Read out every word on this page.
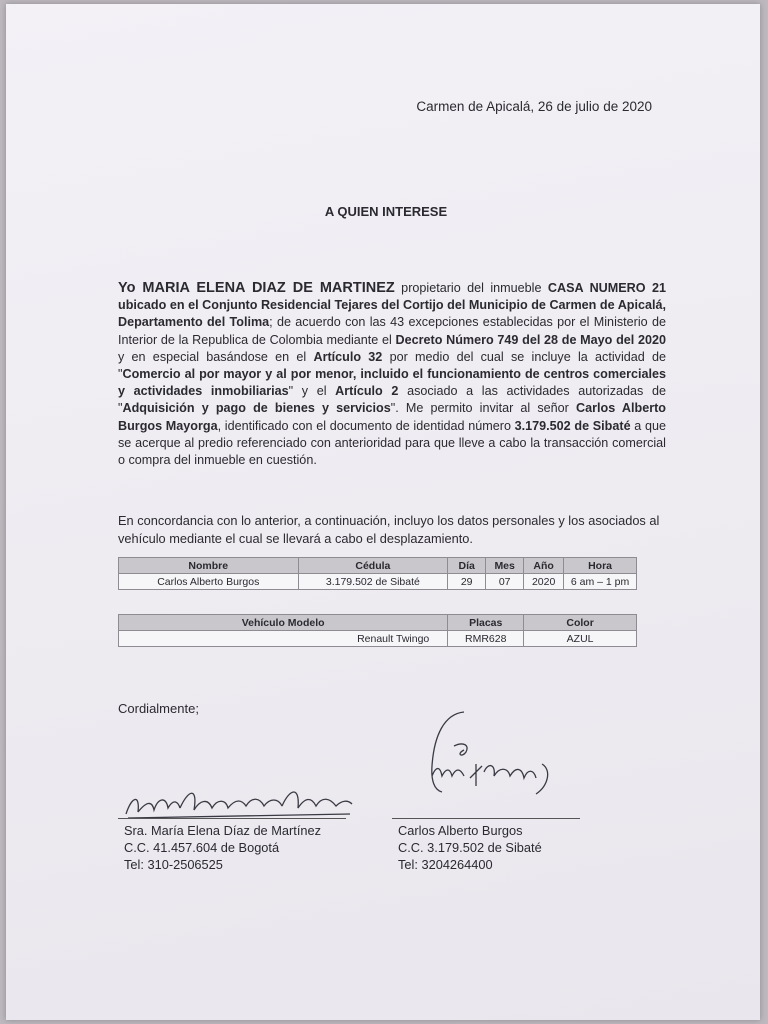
Carmen de Apicalá, 26 de julio de 2020
A QUIEN INTERESE
Yo MARIA ELENA DIAZ DE MARTINEZ propietario del inmueble CASA NUMERO 21 ubicado en el Conjunto Residencial Tejares del Cortijo del Municipio de Carmen de Apicalá, Departamento del Tolima; de acuerdo con las 43 excepciones establecidas por el Ministerio de Interior de la Republica de Colombia mediante el Decreto Número 749 del 28 de Mayo del 2020 y en especial basándose en el Artículo 32 por medio del cual se incluye la actividad de "Comercio al por mayor y al por menor, incluido el funcionamiento de centros comerciales y actividades inmobiliarias" y el Artículo 2 asociado a las actividades autorizadas de "Adquisición y pago de bienes y servicios". Me permito invitar al señor Carlos Alberto Burgos Mayorga, identificado con el documento de identidad número 3.179.502 de Sibaté a que se acerque al predio referenciado con anterioridad para que lleve a cabo la transacción comercial o compra del inmueble en cuestión.
En concordancia con lo anterior, a continuación, incluyo los datos personales y los asociados al vehículo mediante el cual se llevará a cabo el desplazamiento.
Nombre	Cédula	Día	Mes	Año	Hora
Carlos Alberto Burgos	3.179.502 de Sibaté	29	07	2020	6 am – 1 pm
Vehículo Modelo	Placas	Color
Renault Twingo	RMR628	AZUL
Cordialmente;
Sra. María Elena Díaz de Martínez
C.C. 41.457.604 de Bogotá
Tel: 310-2506525
Carlos Alberto Burgos
C.C. 3.179.502 de Sibaté
Tel: 3204264400
